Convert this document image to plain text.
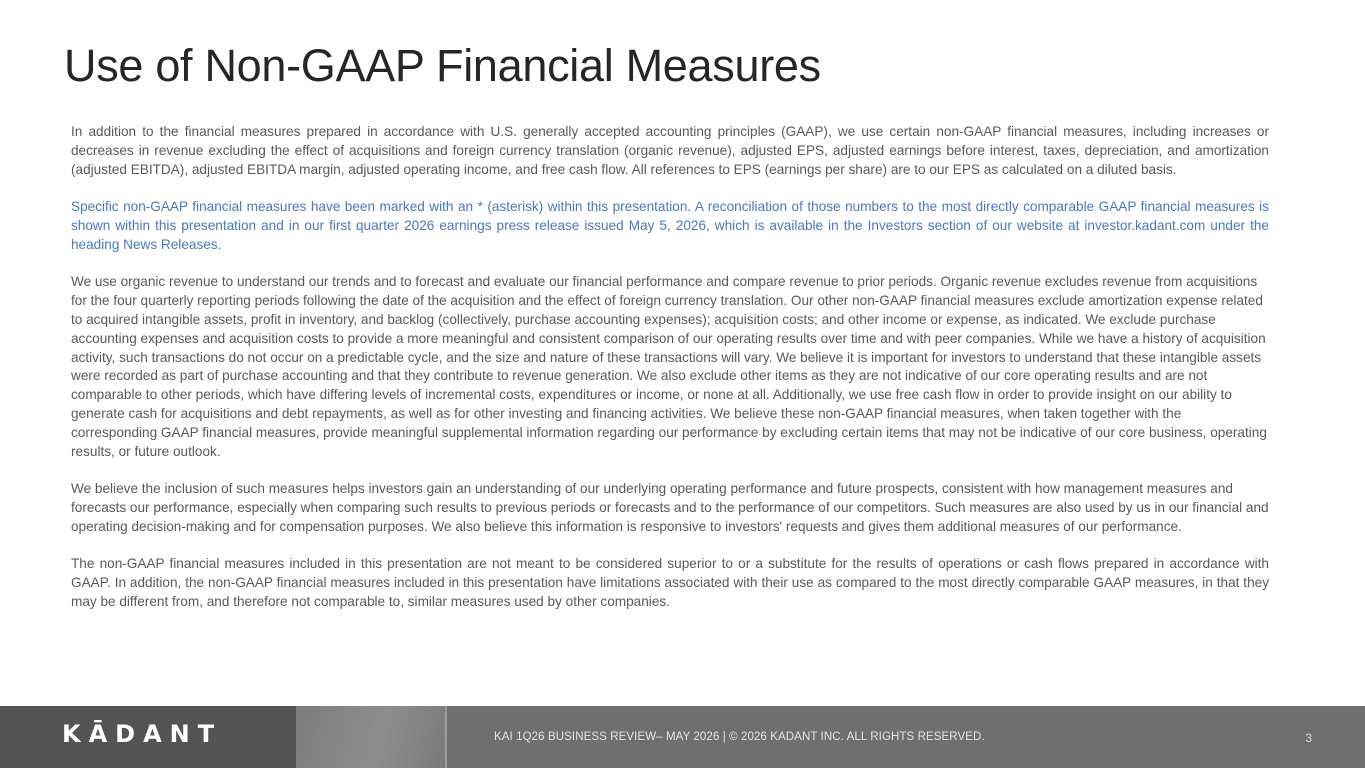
Use of Non-GAAP Financial Measures

In addition to the financial measures prepared in accordance with U.S. generally accepted accounting principles (GAAP), we use certain non-GAAP financial measures, including increases or decreases in revenue excluding the effect of acquisitions and foreign currency translation (organic revenue), adjusted EPS, adjusted earnings before interest, taxes, depreciation, and amortization (adjusted EBITDA), adjusted EBITDA margin, adjusted operating income, and free cash flow. All references to EPS (earnings per share) are to our EPS as calculated on a diluted basis.

Specific non-GAAP financial measures have been marked with an * (asterisk) within this presentation. A reconciliation of those numbers to the most directly comparable GAAP financial measures is shown within this presentation and in our first quarter 2026 earnings press release issued May 5, 2026, which is available in the Investors section of our website at investor.kadant.com under the heading News Releases.

We use organic revenue to understand our trends and to forecast and evaluate our financial performance and compare revenue to prior periods. Organic revenue excludes revenue from acquisitions for the four quarterly reporting periods following the date of the acquisition and the effect of foreign currency translation. Our other non-GAAP financial measures exclude amortization expense related to acquired intangible assets, profit in inventory, and backlog (collectively, purchase accounting expenses); acquisition costs; and other income or expense, as indicated. We exclude purchase accounting expenses and acquisition costs to provide a more meaningful and consistent comparison of our operating results over time and with peer companies. While we have a history of acquisition activity, such transactions do not occur on a predictable cycle, and the size and nature of these transactions will vary. We believe it is important for investors to understand that these intangible assets were recorded as part of purchase accounting and that they contribute to revenue generation. We also exclude other items as they are not indicative of our core operating results and are not comparable to other periods, which have differing levels of incremental costs, expenditures or income, or none at all. Additionally, we use free cash flow in order to provide insight on our ability to generate cash for acquisitions and debt repayments, as well as for other investing and financing activities. We believe these non-GAAP financial measures, when taken together with the corresponding GAAP financial measures, provide meaningful supplemental information regarding our performance by excluding certain items that may not be indicative of our core business, operating results, or future outlook.

We believe the inclusion of such measures helps investors gain an understanding of our underlying operating performance and future prospects, consistent with how management measures and forecasts our performance, especially when comparing such results to previous periods or forecasts and to the performance of our competitors. Such measures are also used by us in our financial and operating decision-making and for compensation purposes. We also believe this information is responsive to investors' requests and gives them additional measures of our performance.

The non-GAAP financial measures included in this presentation are not meant to be considered superior to or a substitute for the results of operations or cash flows prepared in accordance with GAAP. In addition, the non-GAAP financial measures included in this presentation have limitations associated with their use as compared to the most directly comparable GAAP measures, in that they may be different from, and therefore not comparable to, similar measures used by other companies.

KĀDANT	KAI 1Q26 BUSINESS REVIEW– MAY 2026 | © 2026 KADANT INC. ALL RIGHTS RESERVED.	3
